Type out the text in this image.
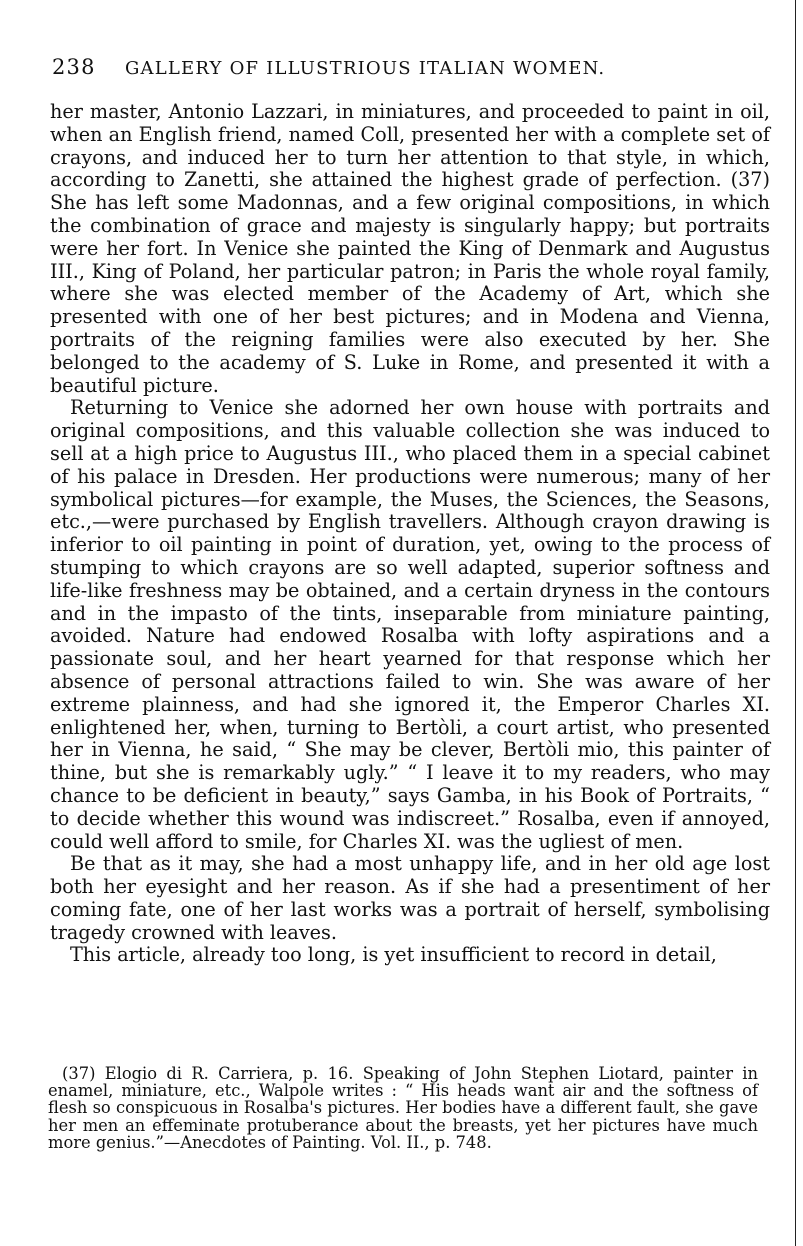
238 GALLERY OF ILLUSTRIOUS ITALIAN WOMEN.

her master, Antonio Lazzari, in miniatures, and proceeded to paint in oil, when an English friend, named Coll, presented her with a complete set of crayons, and induced her to turn her attention to that style, in which, according to Zanetti, she attained the highest grade of perfection. (37) She has left some Madonnas, and a few original compositions, in which the combination of grace and majesty is singularly happy; but portraits were her fort. In Venice she painted the King of Denmark and Augustus III., King of Poland, her particular patron; in Paris the whole royal family, where she was elected member of the Academy of Art, which she presented with one of her best pictures; and in Modena and Vienna, portraits of the reigning families were also executed by her. She belonged to the academy of S. Luke in Rome, and presented it with a beautiful picture.

Returning to Venice she adorned her own house with portraits and original compositions, and this valuable collection she was induced to sell at a high price to Augustus III., who placed them in a special cabinet of his palace in Dresden. Her productions were numerous; many of her symbolical pictures—for example, the Muses, the Sciences, the Seasons, etc.,—were purchased by English travellers. Although crayon drawing is inferior to oil painting in point of duration, yet, owing to the process of stumping to which crayons are so well adapted, superior softness and life-like freshness may be obtained, and a certain dryness in the contours and in the impasto of the tints, inseparable from miniature painting, avoided. Nature had endowed Rosalba with lofty aspirations and a passionate soul, and her heart yearned for that response which her absence of personal attractions failed to win. She was aware of her extreme plainness, and had she ignored it, the Emperor Charles XI. enlightened her, when, turning to Bertòli, a court artist, who presented her in Vienna, he said, “ She may be clever, Bertòli mio, this painter of thine, but she is remarkably ugly.” “ I leave it to my readers, who may chance to be deficient in beauty,” says Gamba, in his Book of Portraits, “ to decide whether this wound was indiscreet.” Rosalba, even if annoyed, could well afford to smile, for Charles XI. was the ugliest of men.

Be that as it may, she had a most unhappy life, and in her old age lost both her eyesight and her reason. As if she had a presentiment of her coming fate, one of her last works was a portrait of herself, symbolising tragedy crowned with leaves.

This article, already too long, is yet insufficient to record in detail,

(37) Elogio di R. Carriera, p. 16. Speaking of John Stephen Liotard, painter in enamel, miniature, etc., Walpole writes : “ His heads want air and the softness of flesh so conspicuous in Rosalba's pictures. Her bodies have a different fault, she gave her men an effeminate protuberance about the breasts, yet her pictures have much more genius.”—Anecdotes of Painting. Vol. II., p. 748.
